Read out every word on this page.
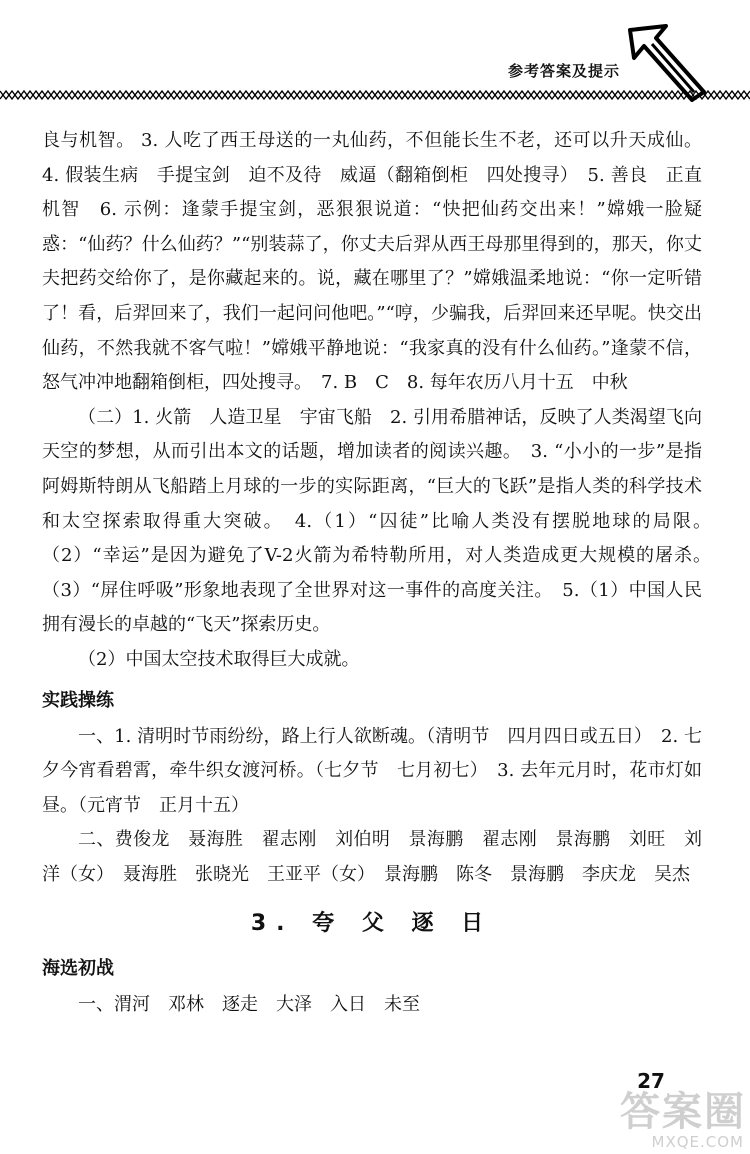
参考答案及提示

良与机智。 3. 人吃了西王母送的一丸仙药，不但能长生不老，还可以升天成仙。 4. 假装生病　手提宝剑　迫不及待　威逼（翻箱倒柜　四处搜寻）　5. 善良　正直　机智　6. 示例：逢蒙手提宝剑，恶狠狠说道：“快把仙药交出来！”嫦娥一脸疑惑：“仙药？什么仙药？”“别装蒜了，你丈夫后羿从西王母那里得到的，那天，你丈夫把药交给你了，是你藏起来的。说，藏在哪里了？”嫦娥温柔地说：“你一定听错了！看，后羿回来了，我们一起问问他吧。”“哼，少骗我，后羿回来还早呢。快交出仙药，不然我就不客气啦！”嫦娥平静地说：“我家真的没有什么仙药。”逢蒙不信，怒气冲冲地翻箱倒柜，四处搜寻。　7. B　C　8. 每年农历八月十五　中秋

（二）1. 火箭　人造卫星　宇宙飞船　2. 引用希腊神话，反映了人类渴望飞向天空的梦想，从而引出本文的话题，增加读者的阅读兴趣。　3. “小小的一步”是指阿姆斯特朗从飞船踏上月球的一步的实际距离，“巨大的飞跃”是指人类的科学技术和太空探索取得重大突破。　4.（1）“囚徒”比喻人类没有摆脱地球的局限。　（2）“幸运”是因为避免了V-2火箭为希特勒所用，对人类造成更大规模的屠杀。　（3）“屏住呼吸”形象地表现了全世界对这一事件的高度关注。　5.（1）中国人民拥有漫长的卓越的“飞天”探索历史。

（2）中国太空技术取得巨大成就。

实践操练

一、1. 清明时节雨纷纷，路上行人欲断魂。（清明节　四月四日或五日）　2. 七夕今宵看碧霄，牵牛织女渡河桥。（七夕节　七月初七）　3. 去年元月时，花市灯如昼。（元宵节　正月十五）

二、费俊龙　聂海胜　翟志刚　刘伯明　景海鹏　翟志刚　景海鹏　刘旺　刘洋（女）　聂海胜　张晓光　王亚平（女）　景海鹏　陈冬　景海鹏　李庆龙　吴杰

3. 夸 父 逐 日
海选初战

一、渭河　邓林　逐走　大泽　入日　未至

27
答案圈
MXQE.COM
